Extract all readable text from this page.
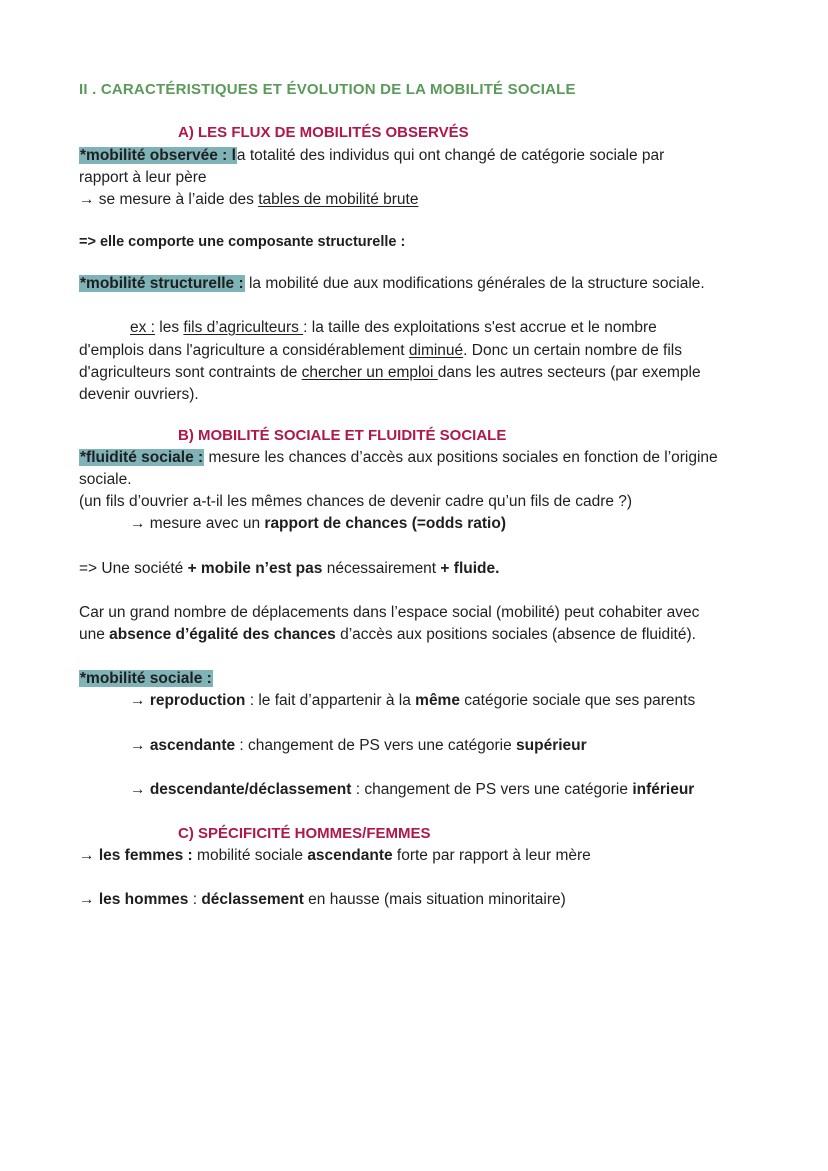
II . CARACTÉRISTIQUES ET ÉVOLUTION DE LA MOBILITÉ SOCIALE
A) LES FLUX DE MOBILITÉS OBSERVÉS
*mobilité observée : la totalité des individus qui ont changé de catégorie sociale par
rapport à leur père
→ se mesure à l’aide des tables de mobilité brute
=> elle comporte une composante structurelle :
*mobilité structurelle : la mobilité due aux modifications générales de la structure sociale.
ex : les fils d’agriculteurs : la taille des exploitations s'est accrue et le nombre
d'emplois dans l'agriculture a considérablement diminué. Donc un certain nombre de fils
d'agriculteurs sont contraints de chercher un emploi dans les autres secteurs (par exemple
devenir ouvriers).
B) MOBILITÉ SOCIALE ET FLUIDITÉ SOCIALE
*fluidité sociale : mesure les chances d’accès aux positions sociales en fonction de l’origine
sociale.
(un fils d’ouvrier a-t-il les mêmes chances de devenir cadre qu’un fils de cadre ?)
→ mesure avec un rapport de chances (=odds ratio)
=> Une société + mobile n’est pas nécessairement + fluide.
Car un grand nombre de déplacements dans l’espace social (mobilité) peut cohabiter avec
une absence d’égalité des chances d’accès aux positions sociales (absence de fluidité).
*mobilité sociale :
→ reproduction : le fait d’appartenir à la même catégorie sociale que ses parents
→ ascendante : changement de PS vers une catégorie supérieur
→ descendante/déclassement : changement de PS vers une catégorie inférieur
C) SPÉCIFICITÉ HOMMES/FEMMES
→ les femmes : mobilité sociale ascendante forte par rapport à leur mère
→ les hommes : déclassement en hausse (mais situation minoritaire)
